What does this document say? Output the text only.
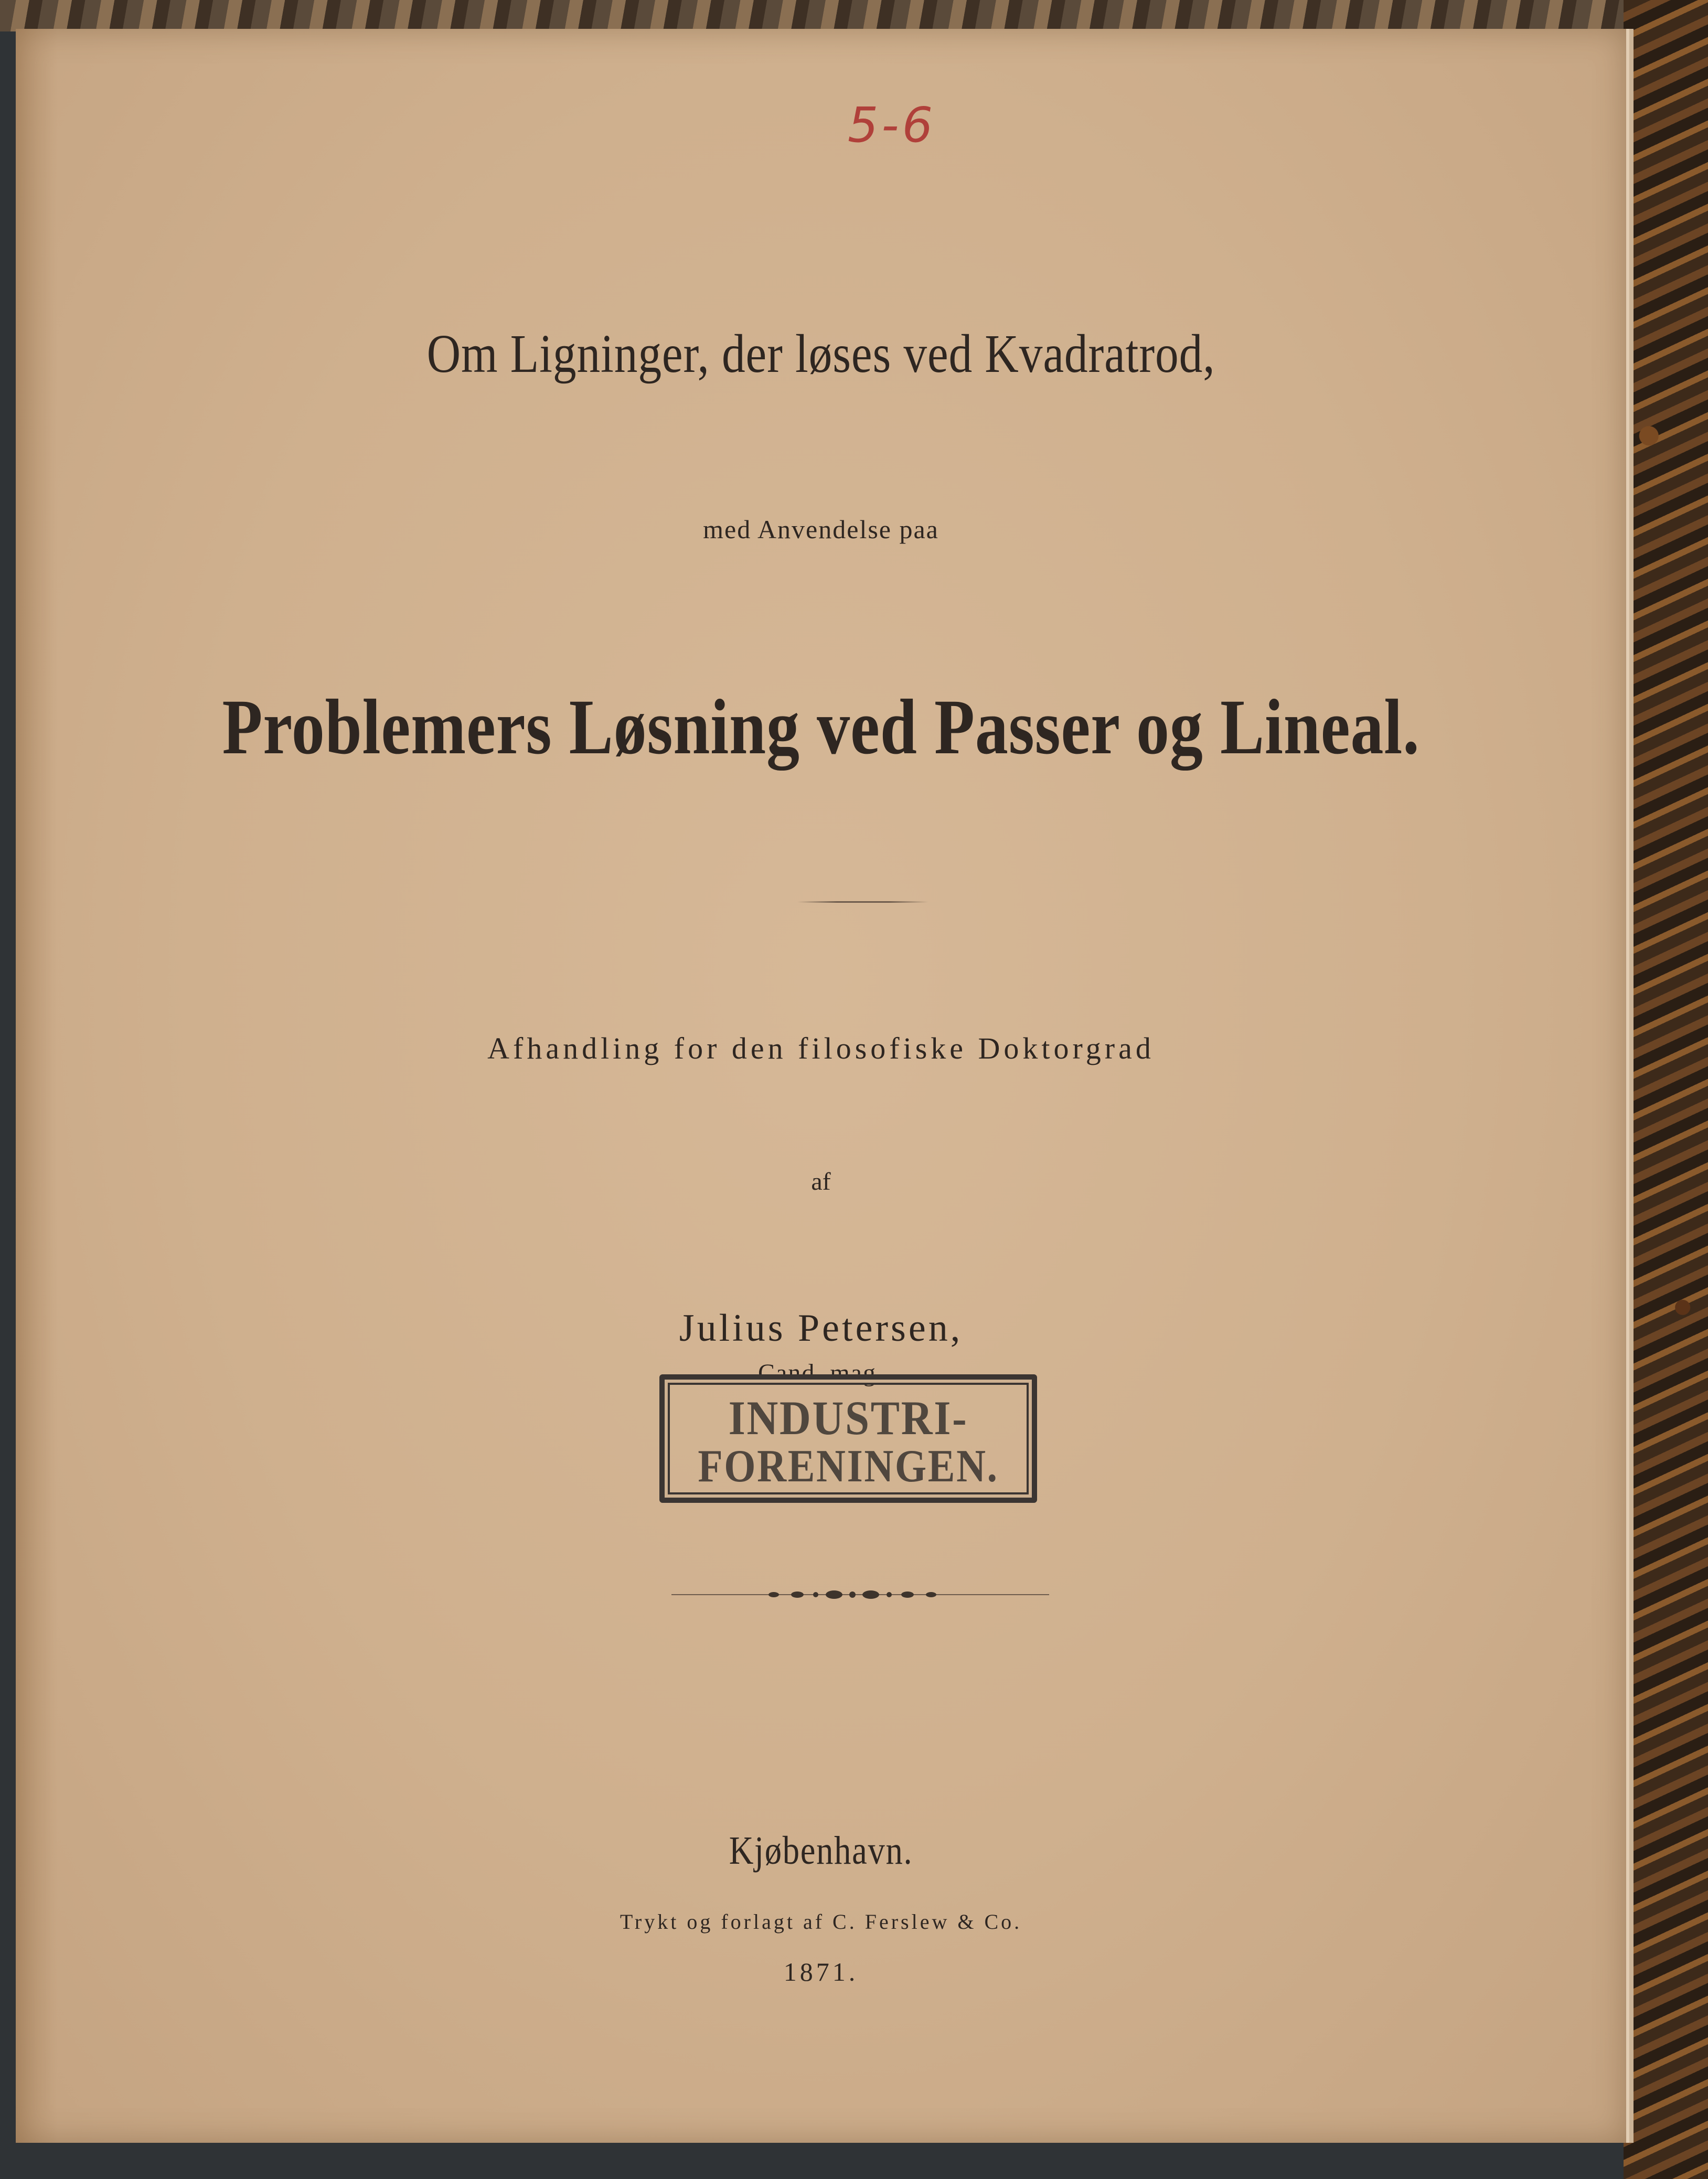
5-6
Om Ligninger, der løses ved Kvadratrod,
med Anvendelse paa
Problemers Løsning ved Passer og Lineal.
Afhandling for den filosofiske Doktorgrad
af
Julius Petersen,
Cand. mag.
INDUSTRI-
FORENINGEN.
Kjøbenhavn.
Trykt og forlagt af C. Ferslew & Co.
1871.
